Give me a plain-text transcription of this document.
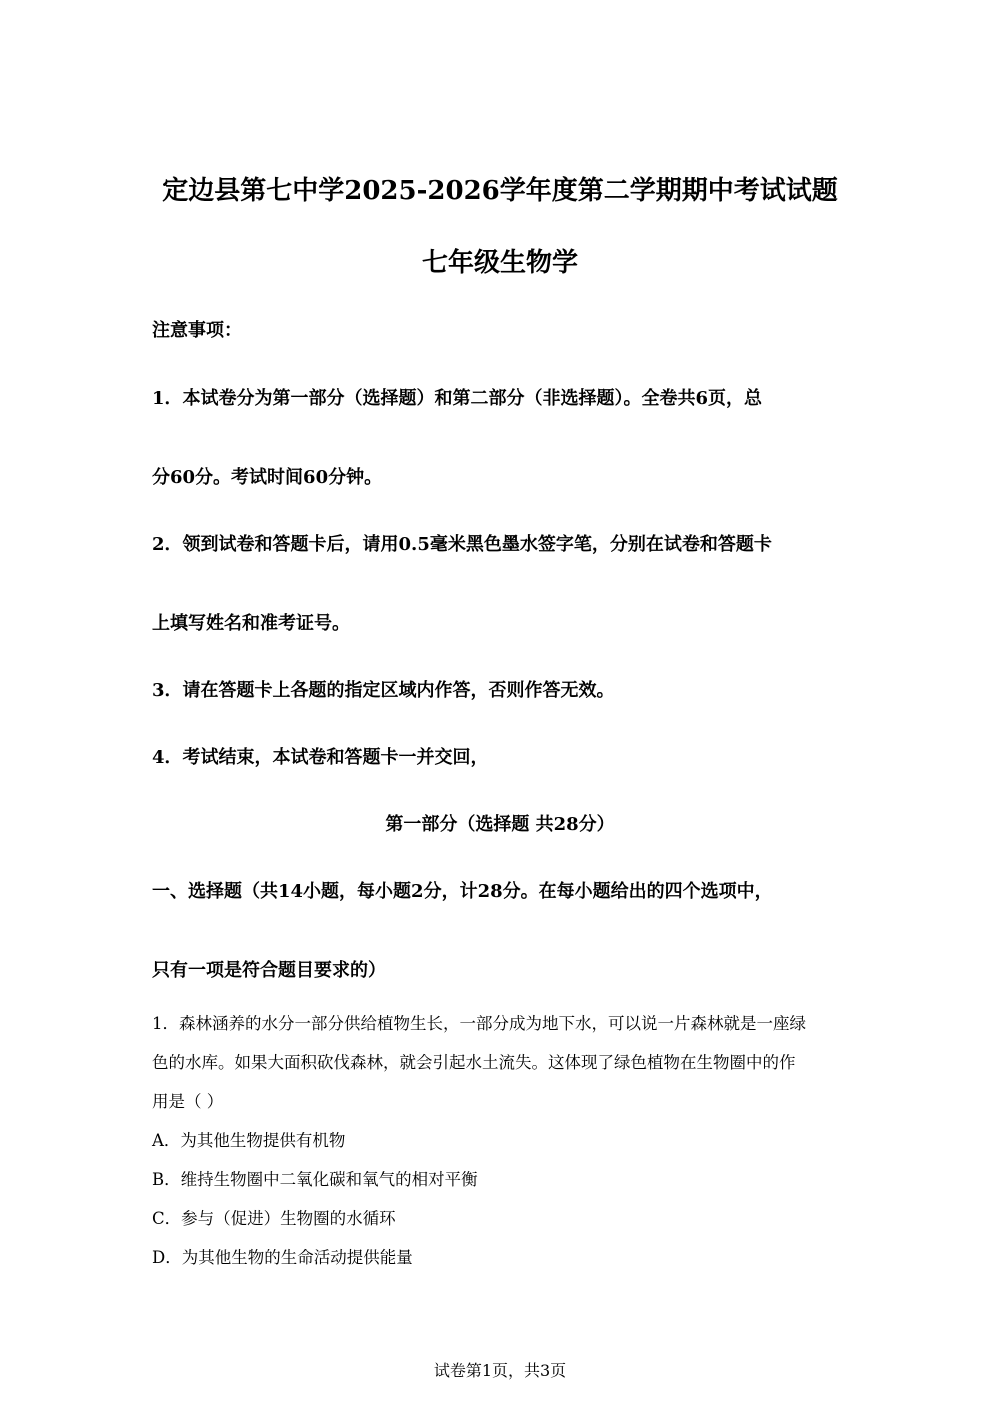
定边县第七中学2025-2026学年度第二学期期中考试试题
七年级生物学
注意事项：
1．本试卷分为第一部分（选择题）和第二部分（非选择题）。全卷共6页，总
分60分。考试时间60分钟。
2．领到试卷和答题卡后，请用0.5毫米黑色墨水签字笔，分别在试卷和答题卡
上填写姓名和准考证号。
3．请在答题卡上各题的指定区域内作答，否则作答无效。
4．考试结束，本试卷和答题卡一并交回，
第一部分（选择题 共28分）
一、选择题（共14小题，每小题2分，计28分。在每小题给出的四个选项中，
只有一项是符合题目要求的）
1．森林涵养的水分一部分供给植物生长，一部分成为地下水，可以说一片森林就是一座绿
色的水库。如果大面积砍伐森林，就会引起水土流失。这体现了绿色植物在生物圈中的作
用是（ ）
A．为其他生物提供有机物
B．维持生物圈中二氧化碳和氧气的相对平衡
C．参与（促进）生物圈的水循环
D．为其他生物的生命活动提供能量
试卷第1页，共3页
